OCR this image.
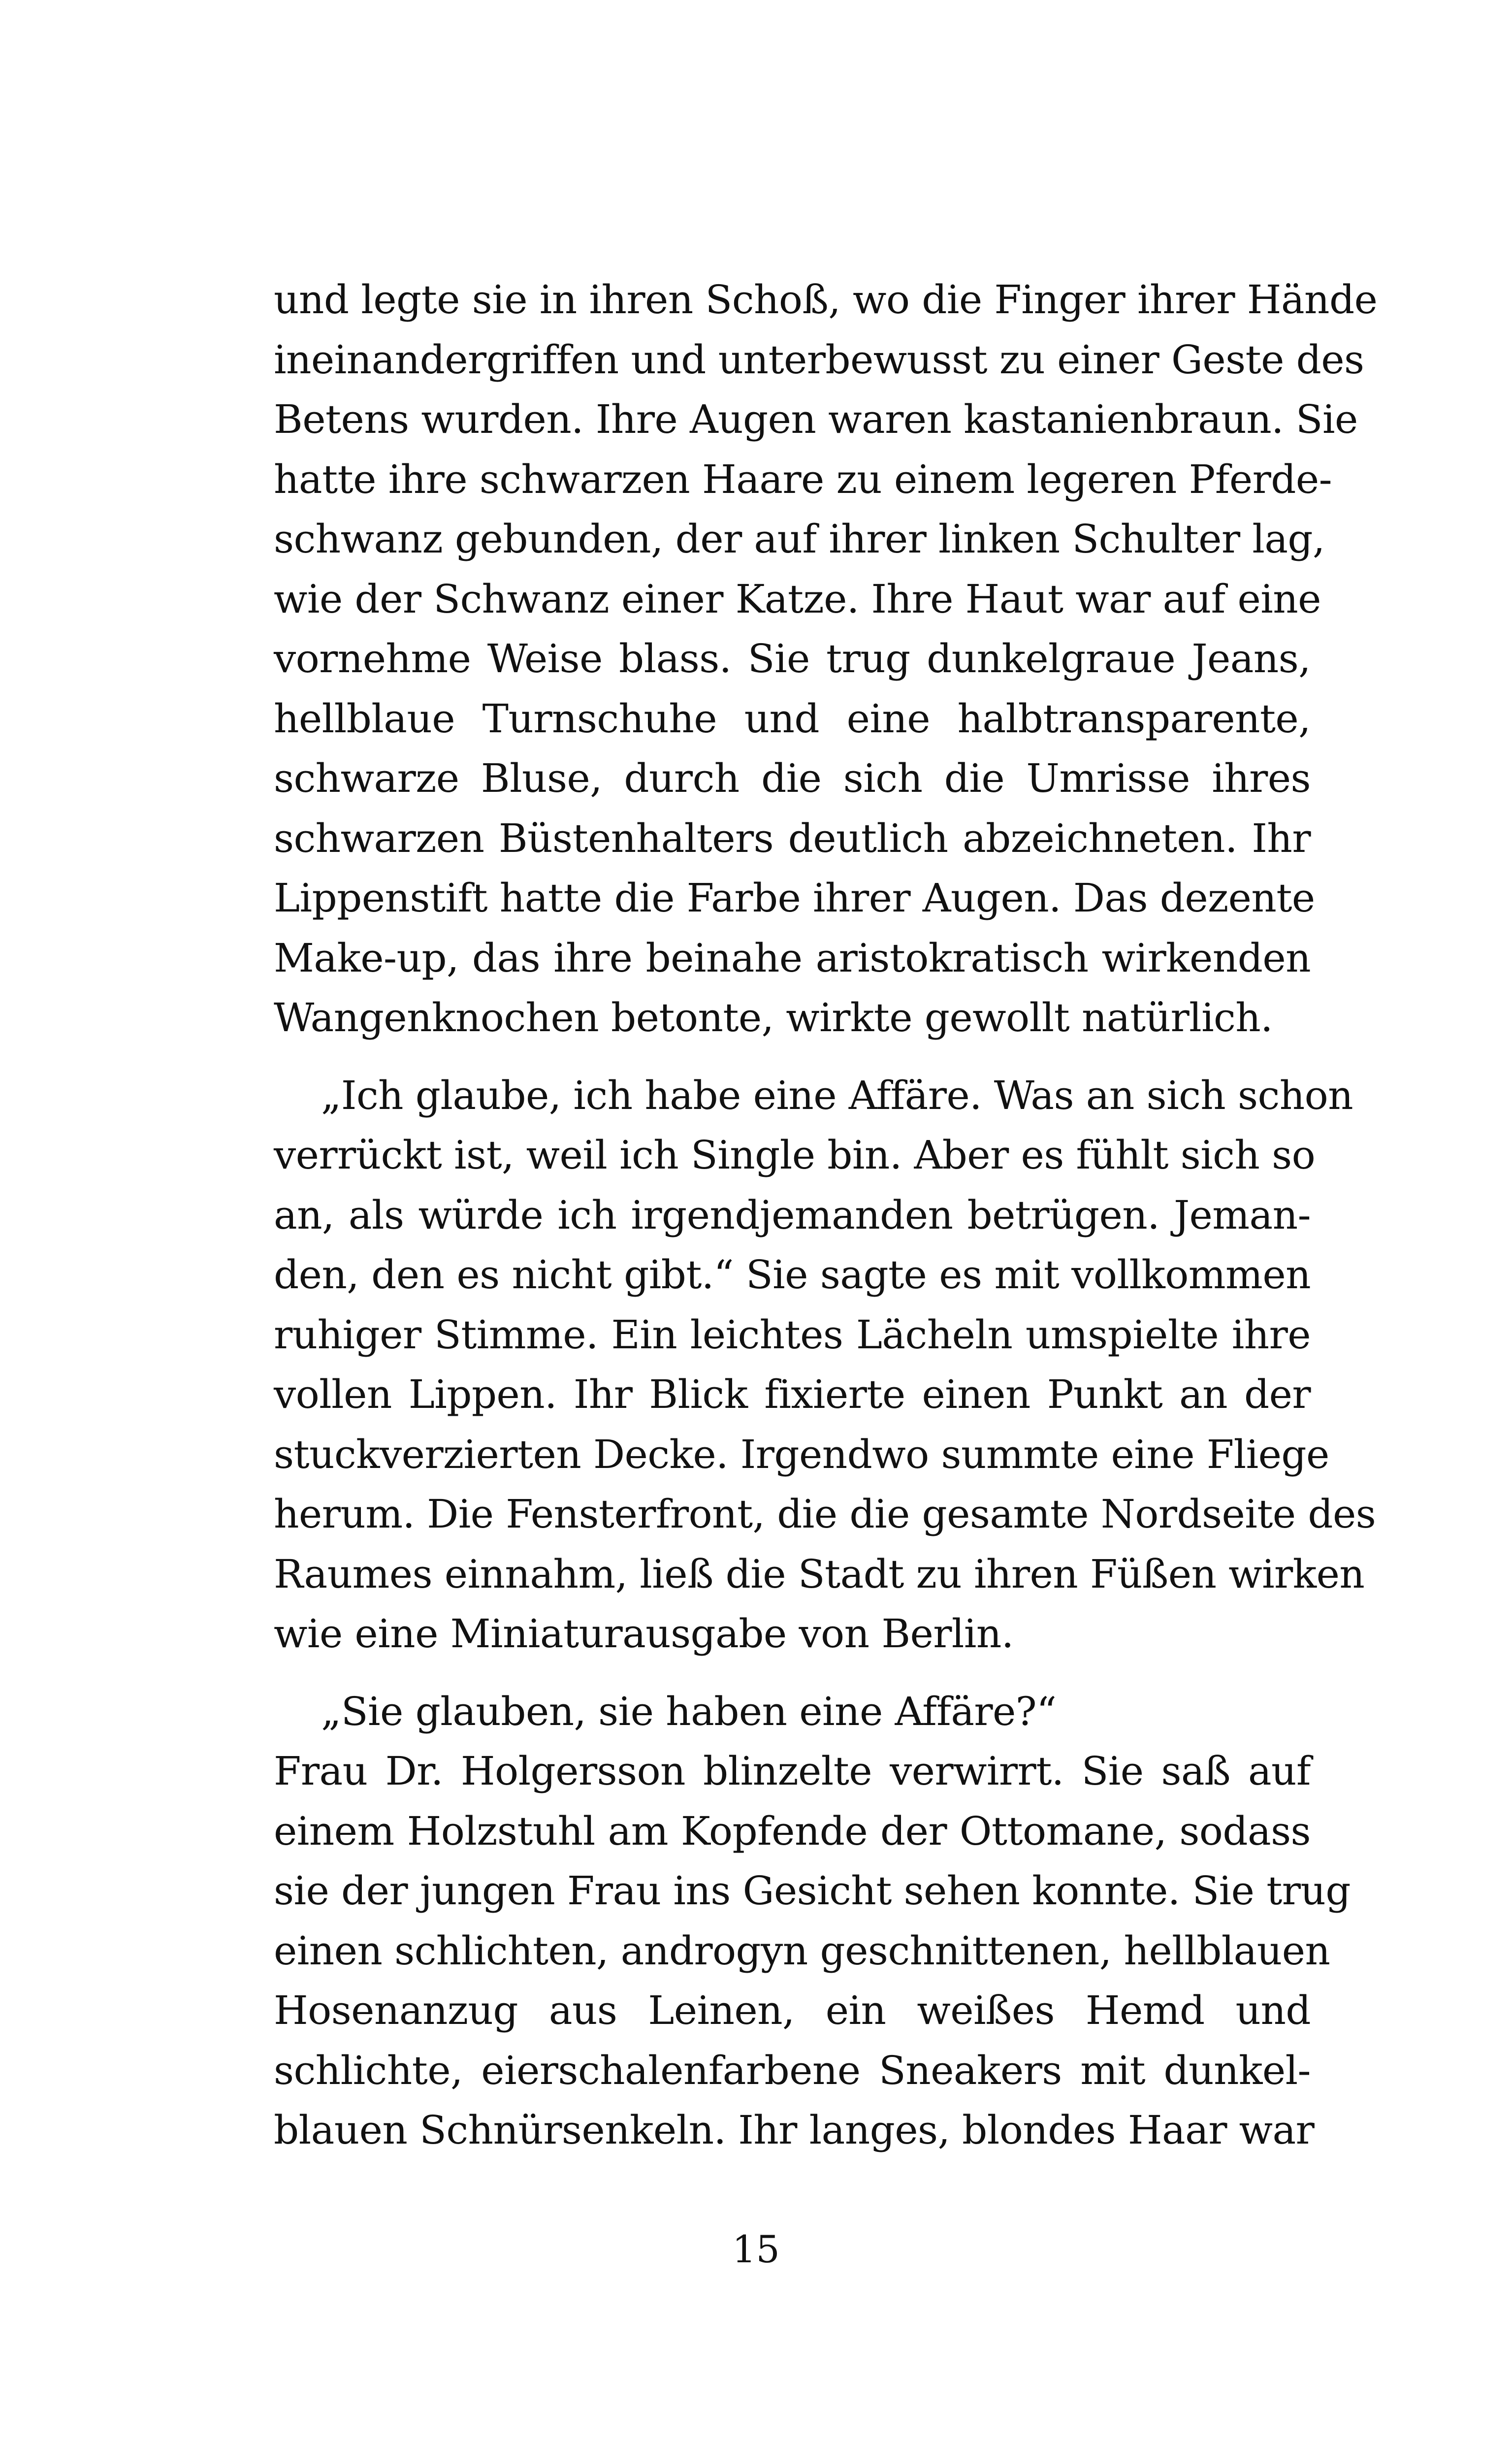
und legte sie in ihren Schoß, wo die Finger ihrer Hände
ineinandergriffen und unterbewusst zu einer Geste des
Betens wurden. Ihre Augen waren kastanienbraun. Sie
hatte ihre schwarzen Haare zu einem legeren Pferde-
schwanz gebunden, der auf ihrer linken Schulter lag,
wie der Schwanz einer Katze. Ihre Haut war auf eine
vornehme Weise blass. Sie trug dunkelgraue Jeans,
hellblaue Turnschuhe und eine halbtransparente,
schwarze Bluse, durch die sich die Umrisse ihres
schwarzen Büstenhalters deutlich abzeichneten. Ihr
Lippenstift hatte die Farbe ihrer Augen. Das dezente
Make-up, das ihre beinahe aristokratisch wirkenden
Wangenknochen betonte, wirkte gewollt natürlich.
„Ich glaube, ich habe eine Affäre. Was an sich schon
verrückt ist, weil ich Single bin. Aber es fühlt sich so
an, als würde ich irgendjemanden betrügen. Jeman-
den, den es nicht gibt.“ Sie sagte es mit vollkommen
ruhiger Stimme. Ein leichtes Lächeln umspielte ihre
vollen Lippen. Ihr Blick fixierte einen Punkt an der
stuckverzierten Decke. Irgendwo summte eine Fliege
herum. Die Fensterfront, die die gesamte Nordseite des
Raumes einnahm, ließ die Stadt zu ihren Füßen wirken
wie eine Miniaturausgabe von Berlin.
„Sie glauben, sie haben eine Affäre?“
Frau Dr. Holgersson blinzelte verwirrt. Sie saß auf
einem Holzstuhl am Kopfende der Ottomane, sodass
sie der jungen Frau ins Gesicht sehen konnte. Sie trug
einen schlichten, androgyn geschnittenen, hellblauen
Hosenanzug aus Leinen, ein weißes Hemd und
schlichte, eierschalenfarbene Sneakers mit dunkel-
blauen Schnürsenkeln. Ihr langes, blondes Haar war
15
